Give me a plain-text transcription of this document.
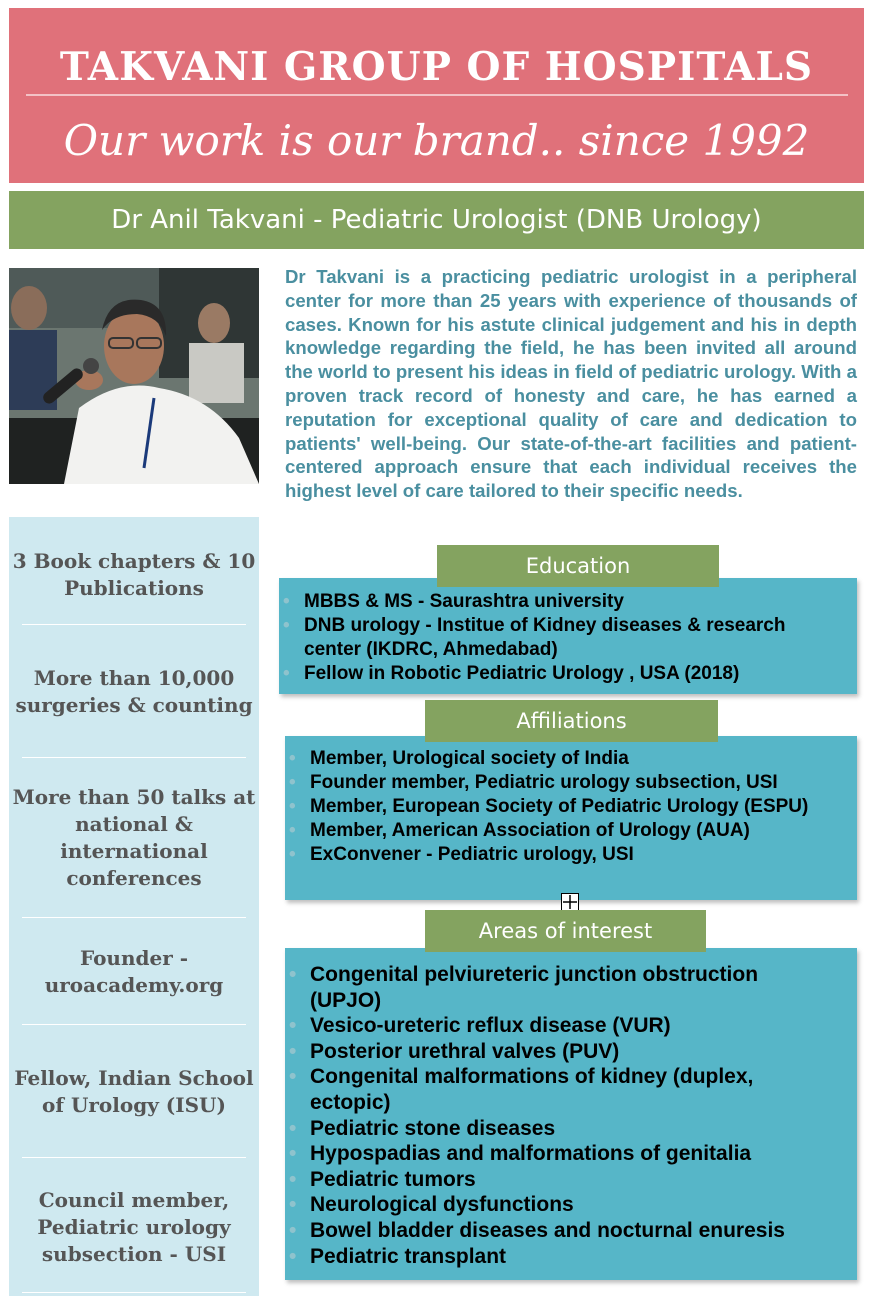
TAKVANI GROUP OF HOSPITALS
Our work is our brand.. since 1992
Dr Anil Takvani - Pediatric Urologist (DNB Urology)

Dr Takvani is a practicing pediatric urologist in a peripheral center for more than 25 years with experience of thousands of cases. Known for his astute clinical judgement and his in depth knowledge regarding the field, he has been invited all around the world to present his ideas in field of pediatric urology. With a proven track record of honesty and care, he has earned a reputation for exceptional quality of care and dedication to patients' well-being. Our state-of-the-art facilities and patient-centered approach ensure that each individual receives the highest level of care tailored to their specific needs.

3 Book chapters & 10 Publications
More than 10,000 surgeries & counting
More than 50 talks at national & international conferences
Founder - uroacademy.org
Fellow, Indian School of Urology (ISU)
Council member, Pediatric urology subsection - USI
• MBBS & MS - Saurashtra university
• DNB urology - Institue of Kidney diseases & research center (IKDRC, Ahmedabad)
• Fellow in Robotic Pediatric Urology , USA (2018)
Education
• Member, Urological society of India
• Founder member, Pediatric urology subsection, USI
• Member, European Society of Pediatric Urology (ESPU)
• Member, American Association of Urology (AUA)
• ExConvener - Pediatric urology, USI
Affiliations
• Congenital pelviureteric junction obstruction (UPJO)
• Vesico-ureteric reflux disease (VUR)
• Posterior urethral valves (PUV)
• Congenital malformations of kidney (duplex, ectopic)
• Pediatric stone diseases
• Hypospadias and malformations of genitalia
• Pediatric tumors
• Neurological dysfunctions
• Bowel bladder diseases and nocturnal enuresis
• Pediatric transplant
Areas of interest
